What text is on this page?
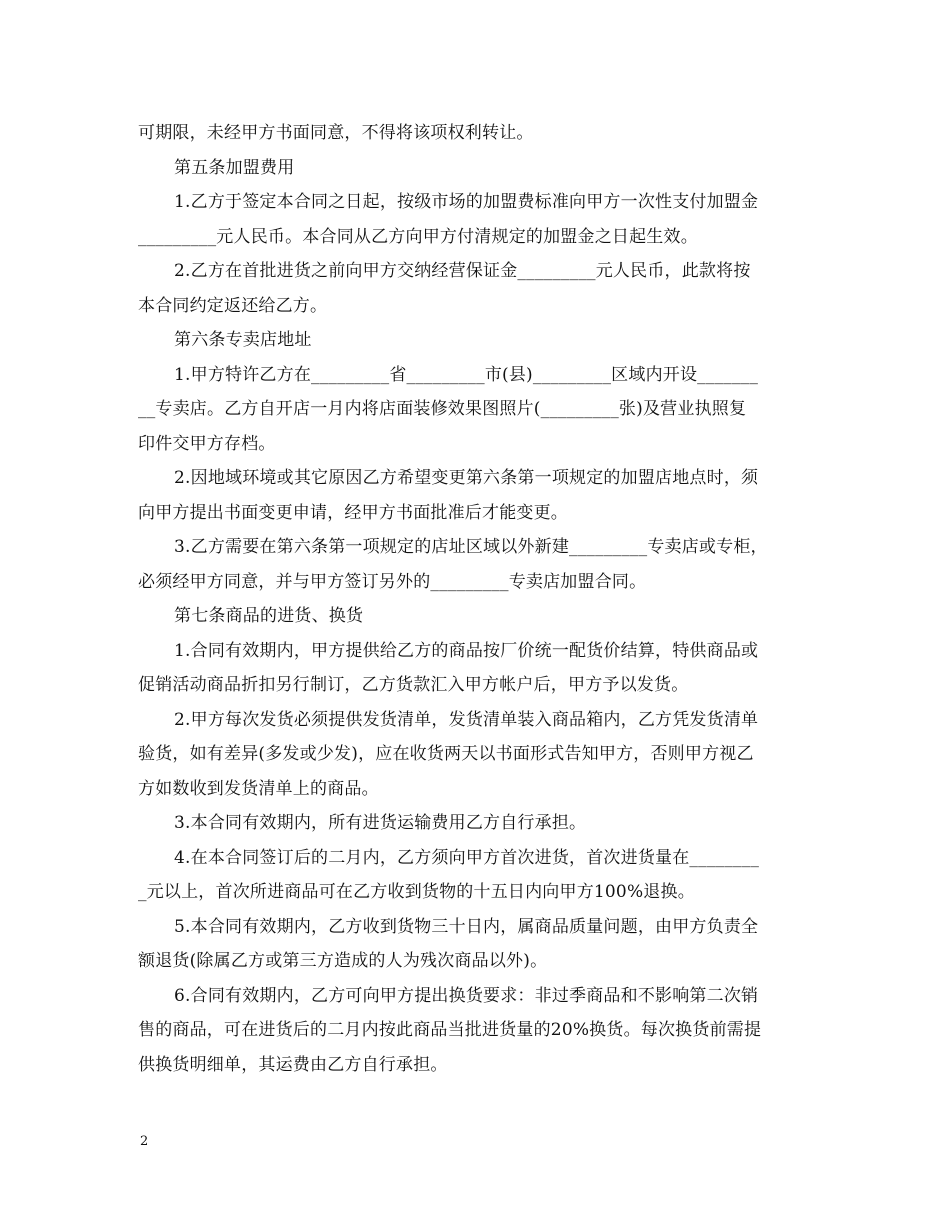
可期限，未经甲方书面同意，不得将该项权利转让。
第五条加盟费用
1.乙方于签定本合同之日起，按级市场的加盟费标准向甲方一次性支付加盟金
_________元人民币。本合同从乙方向甲方付清规定的加盟金之日起生效。
2.乙方在首批进货之前向甲方交纳经营保证金_________元人民币，此款将按
本合同约定返还给乙方。
第六条专卖店地址
1.甲方特许乙方在_________省_________市(县)_________区域内开设_______
__专卖店。乙方自开店一月内将店面装修效果图照片(_________张)及营业执照复
印件交甲方存档。
2.因地域环境或其它原因乙方希望变更第六条第一项规定的加盟店地点时，须
向甲方提出书面变更申请，经甲方书面批准后才能变更。
3.乙方需要在第六条第一项规定的店址区域以外新建_________专卖店或专柜，
必须经甲方同意，并与甲方签订另外的_________专卖店加盟合同。
第七条商品的进货、换货
1.合同有效期内，甲方提供给乙方的商品按厂价统一配货价结算，特供商品或
促销活动商品折扣另行制订，乙方货款汇入甲方帐户后，甲方予以发货。
2.甲方每次发货必须提供发货清单，发货清单装入商品箱内，乙方凭发货清单
验货，如有差异(多发或少发)，应在收货两天以书面形式告知甲方，否则甲方视乙
方如数收到发货清单上的商品。
3.本合同有效期内，所有进货运输费用乙方自行承担。
4.在本合同签订后的二月内，乙方须向甲方首次进货，首次进货量在________
_元以上，首次所进商品可在乙方收到货物的十五日内向甲方100%退换。
5.本合同有效期内，乙方收到货物三十日内，属商品质量问题，由甲方负责全
额退货(除属乙方或第三方造成的人为残次商品以外)。
6.合同有效期内，乙方可向甲方提出换货要求：非过季商品和不影响第二次销
售的商品，可在进货后的二月内按此商品当批进货量的20%换货。每次换货前需提
供换货明细单，其运费由乙方自行承担。
2
